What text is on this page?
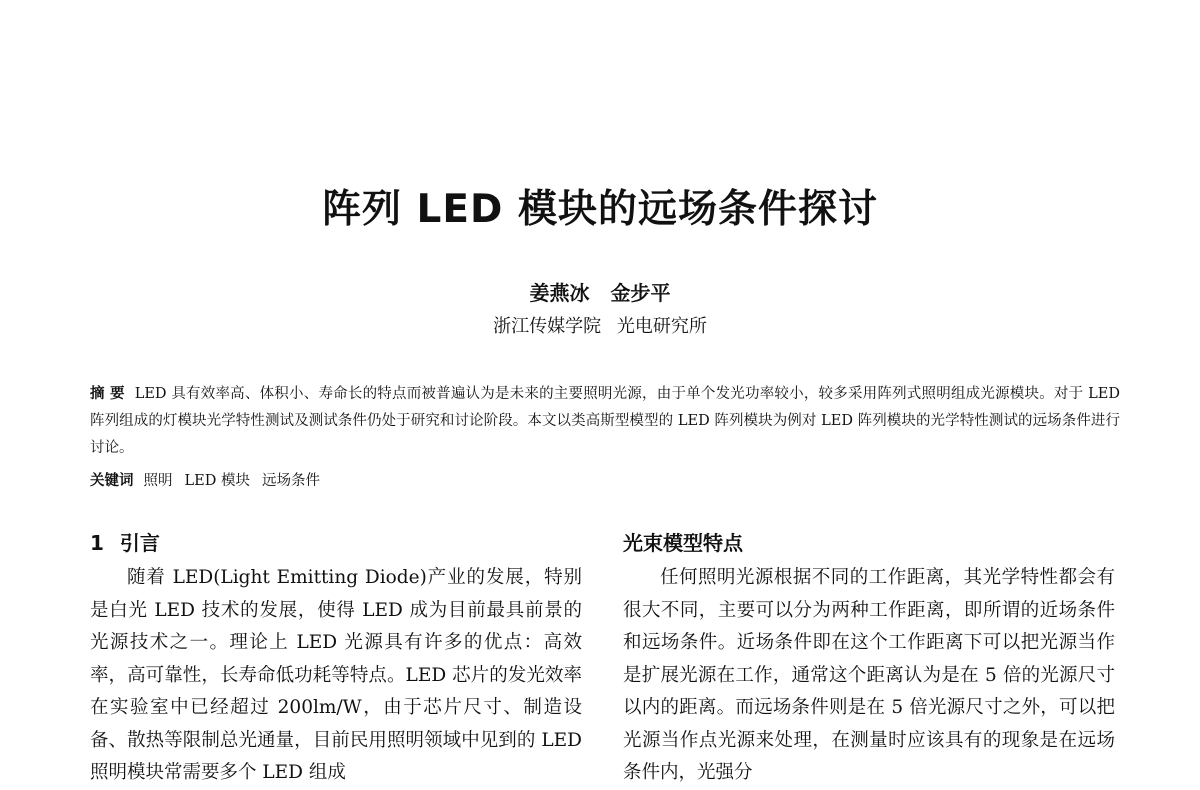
阵列 LED 模块的远场条件探讨
姜燕冰 金步平
浙江传媒学院 光电研究所
摘 要 LED 具有效率高、体积小、寿命长的特点而被普遍认为是未来的主要照明光源，由于单个发光功率较小，较多采用阵列式照明组成光源模块。对于 LED 阵列组成的灯模块光学特性测试及测试条件仍处于研究和讨论阶段。本文以类高斯型模型的 LED 阵列模块为例对 LED 阵列模块的光学特性测试的远场条件进行讨论。
关键词 照明 LED 模块 远场条件
1 引言

随着 LED(Light Emitting Diode)产业的发展，特别是白光 LED 技术的发展，使得 LED 成为目前最具前景的光源技术之一。理论上 LED 光源具有许多的优点：高效率，高可靠性，长寿命低功耗等特点。LED 芯片的发光效率在实验室中已经超过 200lm/W，由于芯片尺寸、制造设备、散热等限制总光通量，目前民用照明领域中见到的 LED 照明模块常需要多个 LED 组成

光束模型特点

任何照明光源根据不同的工作距离，其光学特性都会有很大不同，主要可以分为两种工作距离，即所谓的近场条件和远场条件。近场条件即在这个工作距离下可以把光源当作是扩展光源在工作，通常这个距离认为是在 5 倍的光源尺寸以内的距离。而远场条件则是在 5 倍光源尺寸之外，可以把光源当作点光源来处理，在测量时应该具有的现象是在远场条件内，光强分
